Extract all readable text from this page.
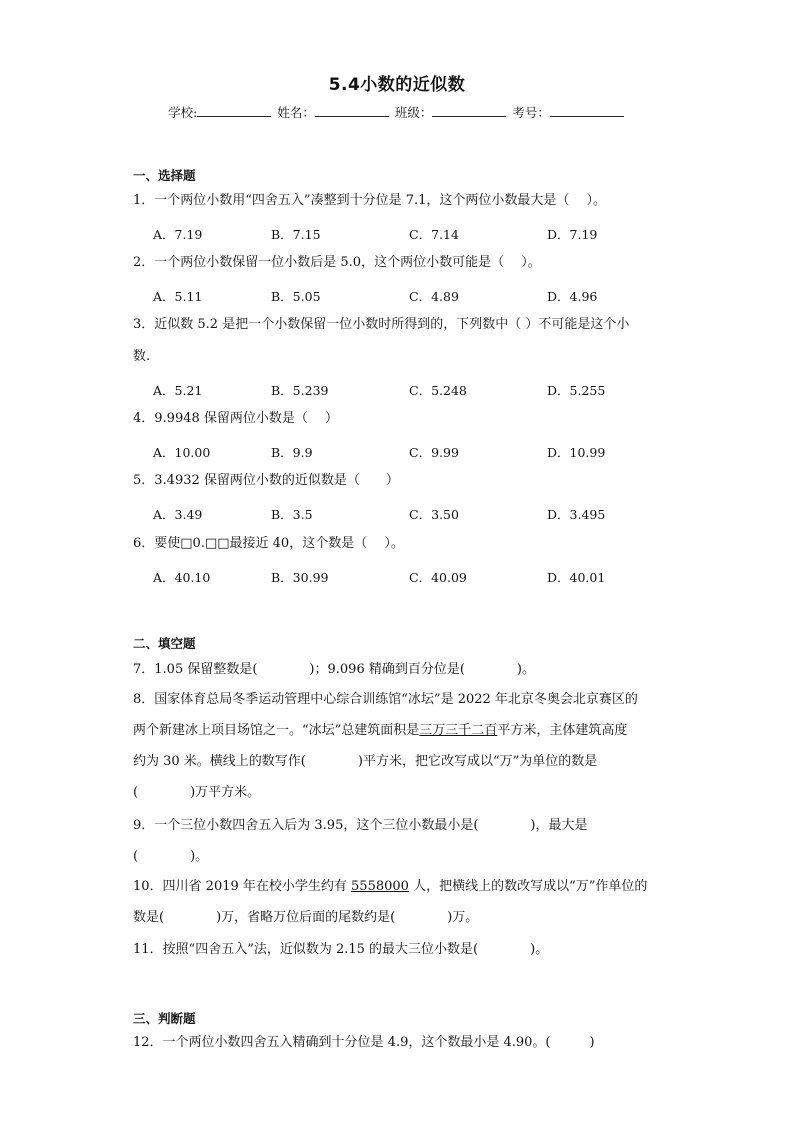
5.4小数的近似数
学校:	姓名：	班级：	考号：
一、选择题
1．一个两位小数用“四舍五入”凑整到十分位是 7.1，这个两位小数最大是（　 ）。
A．7.19	B．7.15	C．7.14	D．7.19
2．一个两位小数保留一位小数后是 5.0，这个两位小数可能是（　 ）。
A．5.11	B．5.05	C．4.89	D．4.96
3．近似数 5.2 是把一个小数保留一位小数时所得到的，下列数中（ ）不可能是这个小
数.
A．5.21	B．5.239	C．5.248	D．5.255
4．9.9948 保留两位小数是（　 ）
A．10.00	B．9.9	C．9.99	D．10.99
5．3.4932 保留两位小数的近似数是（　　）
A．3.49	B．3.5	C．3.50	D．3.495
6．要使□0.□□最接近 40，这个数是（　 ）。
A．40.10	B．30.99	C．40.09	D．40.01
二、填空题
7．1.05 保留整数是(　　　　)；9.096 精确到百分位是(　　　　)。
8．国家体育总局冬季运动管理中心综合训练馆“冰坛”是 2022 年北京冬奥会北京赛区的
两个新建冰上项目场馆之一。“冰坛”总建筑面积是三万三千二百平方米，主体建筑高度
约为 30 米。横线上的数写作(　　　　)平方米，把它改写成以“万”为单位的数是
(　　　　)万平方米。
9．一个三位小数四舍五入后为 3.95，这个三位小数最小是(　　　　)，最大是
(　　　　)。
10．四川省 2019 年在校小学生约有 5558000 人，把横线上的数改写成以“万”作单位的
数是(　　　　)万，省略万位后面的尾数约是(　　　　)万。
11．按照“四舍五入”法，近似数为 2.15 的最大三位小数是(　　　　)。
三、判断题
12．一个两位小数四舍五入精确到十分位是 4.9，这个数最小是 4.90。(　　　)
